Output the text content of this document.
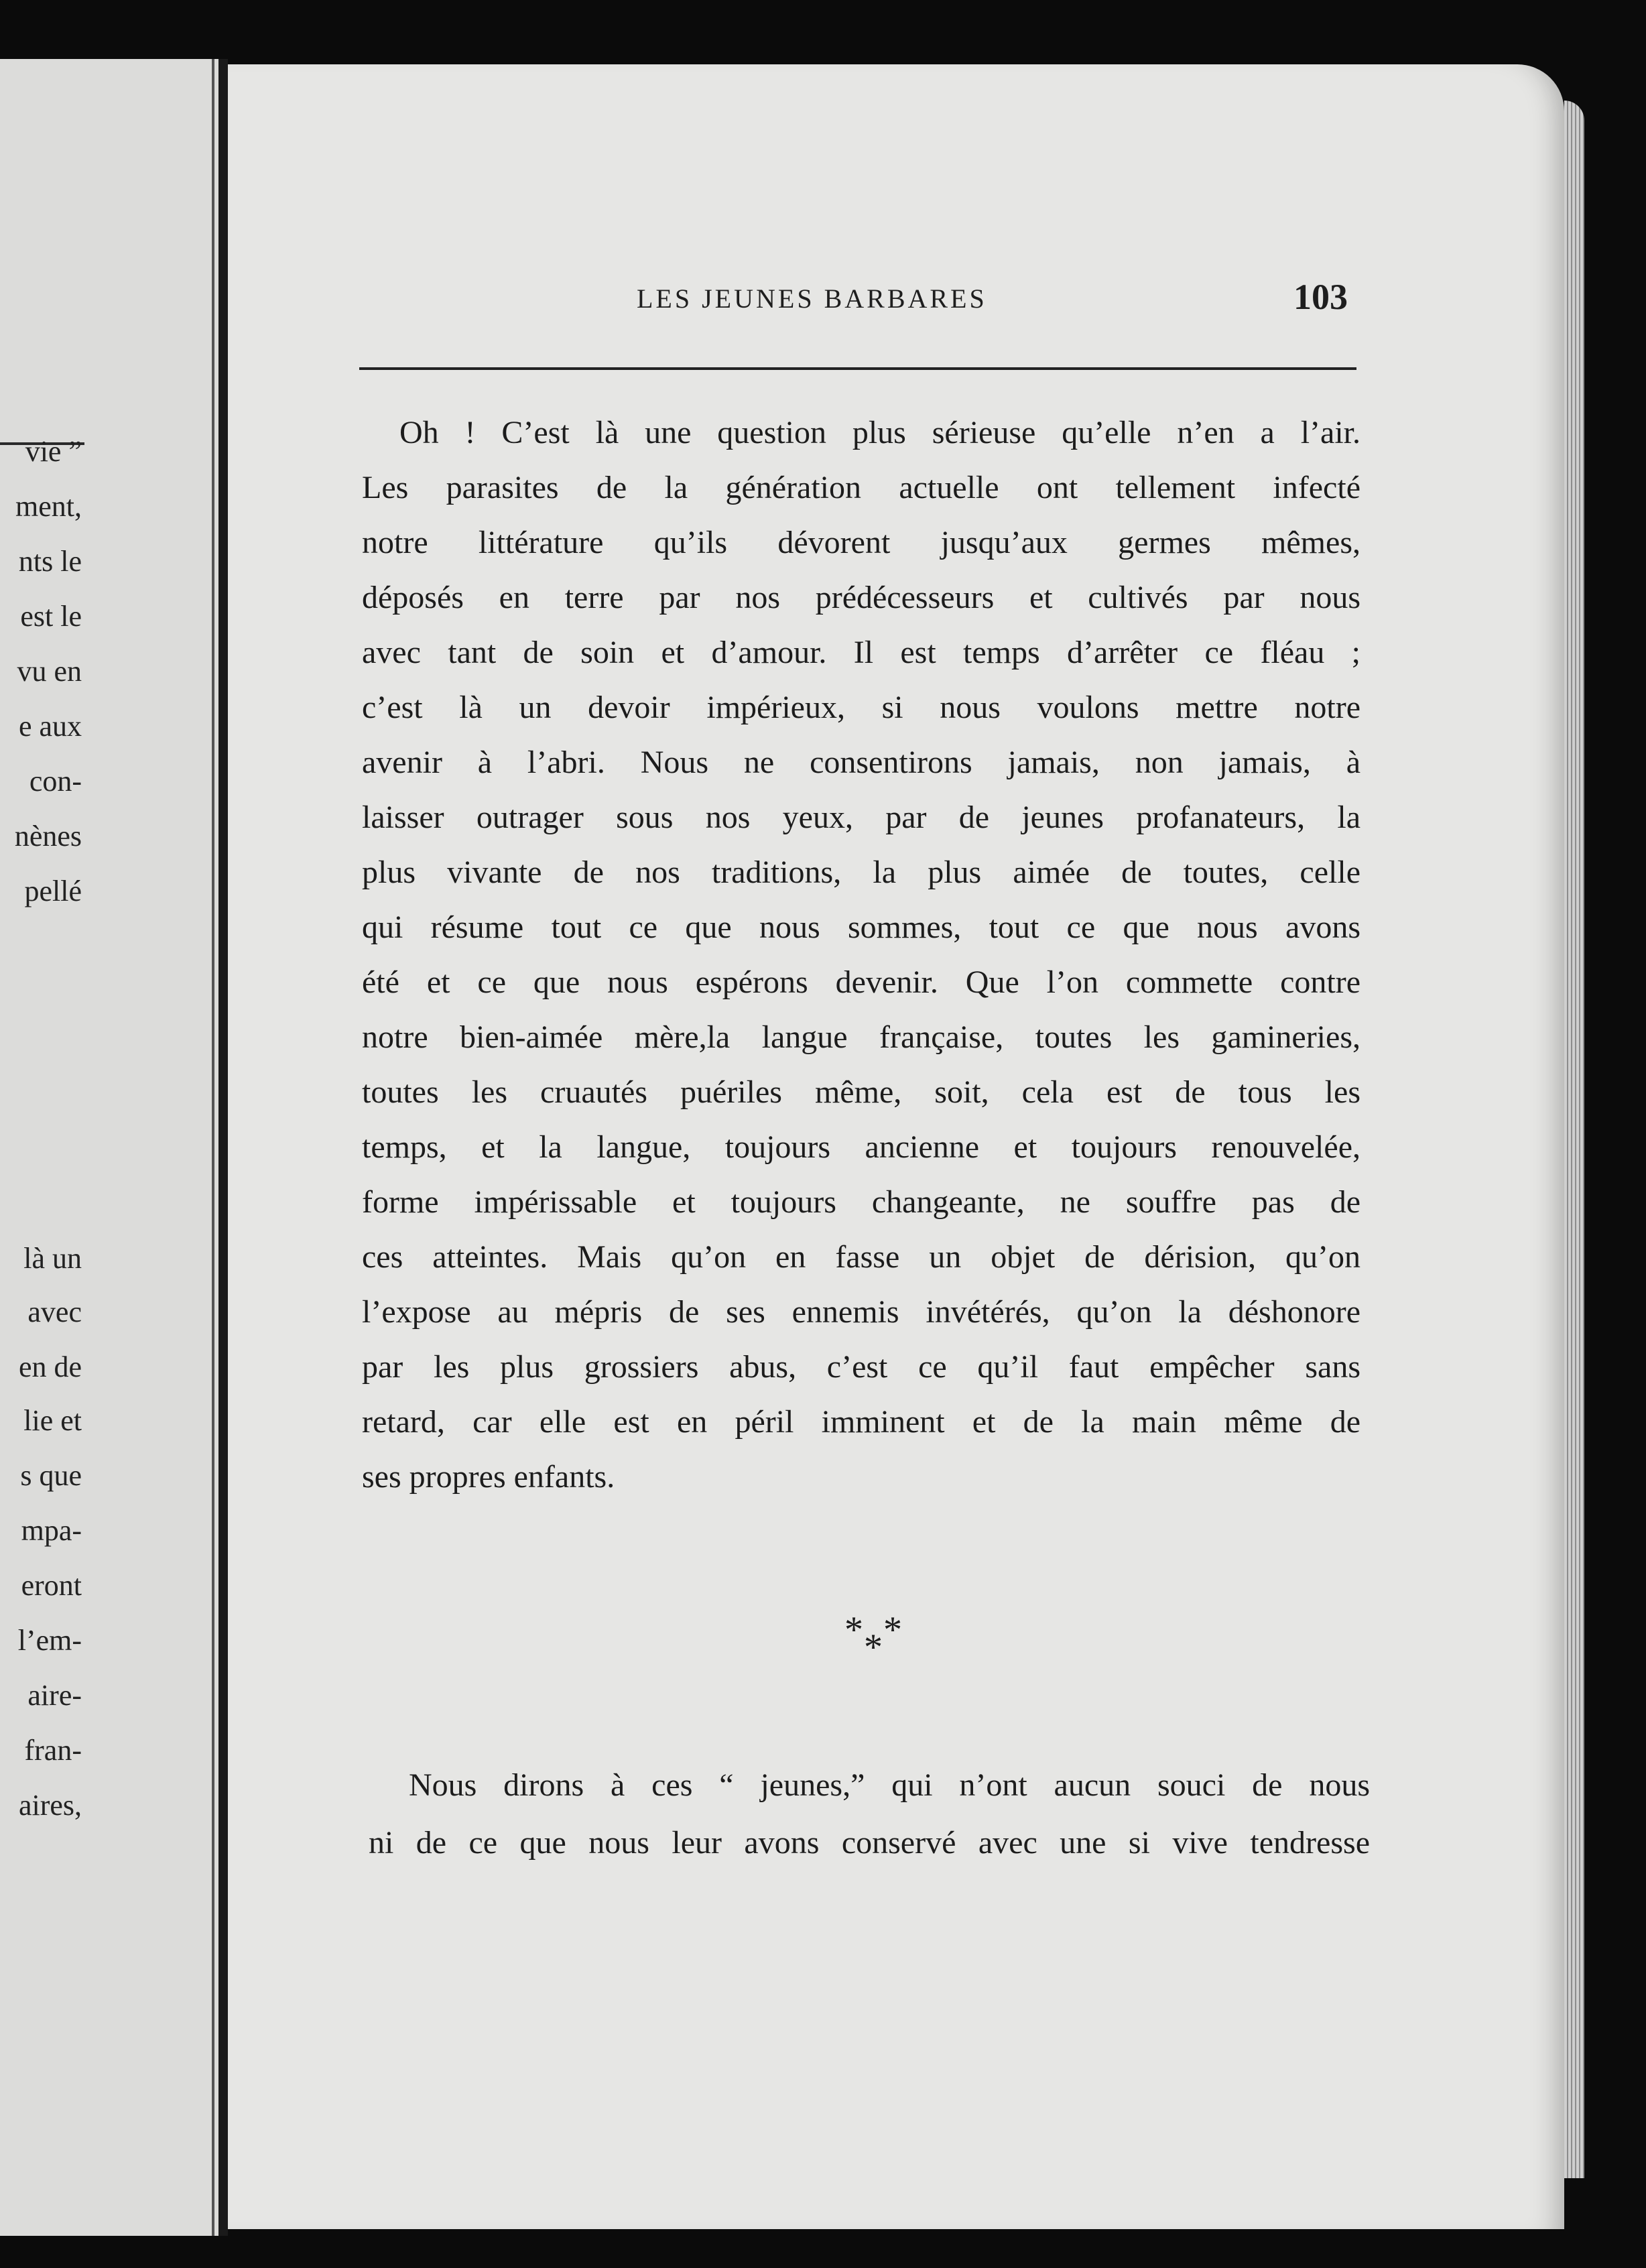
vie ”
ment,
nts le
est le
vu en
e aux
con-
nènes
pellé
là un
avec
en de
lie et
s que
mpa-
eront
l’em-
aire-
fran-
aires,
LES JEUNES BARBARES	103
Oh ! C’est là une question plus sérieuse qu’elle n’en a l’air.
Les parasites de la génération actuelle ont tellement infecté
notre littérature qu’ils dévorent jusqu’aux germes mêmes,
déposés en terre par nos prédécesseurs et cultivés par nous
avec tant de soin et d’amour. Il est temps d’arrêter ce fléau ;
c’est là un devoir impérieux, si nous voulons mettre notre
avenir à l’abri. Nous ne consentirons jamais, non jamais, à
laisser outrager sous nos yeux, par de jeunes profanateurs, la
plus vivante de nos traditions, la plus aimée de toutes, celle
qui résume tout ce que nous sommes, tout ce que nous avons
été et ce que nous espérons devenir. Que l’on commette contre
notre bien-aimée mère,la langue française, toutes les gamineries,
toutes les cruautés puériles même, soit, cela est de tous les
temps, et la langue, toujours ancienne et toujours renouvelée,
forme impérissable et toujours changeante, ne souffre pas de
ces atteintes. Mais qu’on en fasse un objet de dérision, qu’on
l’expose au mépris de ses ennemis invétérés, qu’on la déshonore
par les plus grossiers abus, c’est ce qu’il faut empêcher sans
retard, car elle est en péril imminent et de la main même de
ses propres enfants.
* *
*
Nous dirons à ces “ jeunes,” qui n’ont aucun souci de nous
ni de ce que nous leur avons conservé avec une si vive tendresse
